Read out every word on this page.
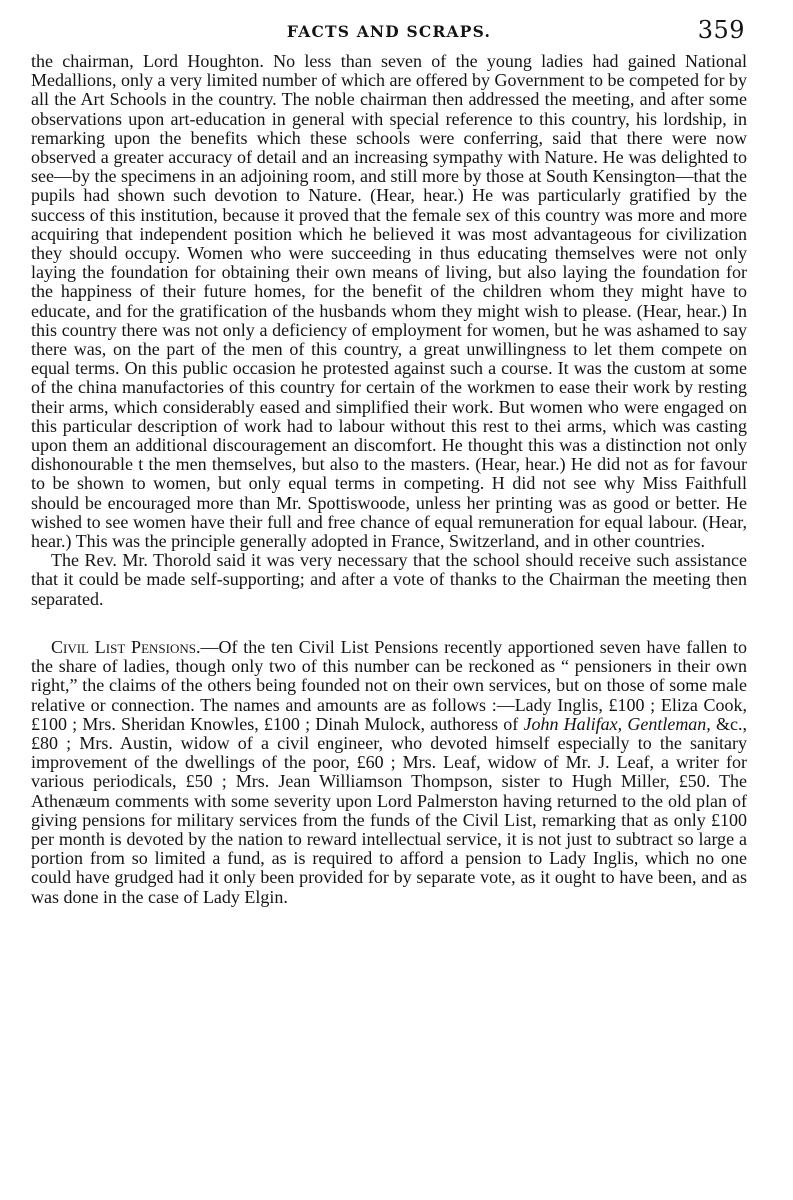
FACTS AND SCRAPS.	359

the chairman, Lord Houghton. No less than seven of the young ladies had gained National Medallions, only a very limited number of which are offered by Government to be competed for by all the Art Schools in the country. The noble chairman then addressed the meeting, and after some observations upon art-education in general with special reference to this country, his lordship, in remarking upon the benefits which these schools were conferring, said that there were now observed a greater accuracy of detail and an increasing sympathy with Nature. He was delighted to see—by the specimens in an adjoining room, and still more by those at South Kensington—that the pupils had shown such devotion to Nature. (Hear, hear.) He was particularly gratified by the success of this institution, because it proved that the female sex of this country was more and more acquiring that independent position which he believed it was most advantageous for civilization they should occupy. Women who were succeeding in thus educating themselves were not only laying the foundation for obtaining their own means of living, but also laying the foundation for the happiness of their future homes, for the benefit of the children whom they might have to educate, and for the gratification of the husbands whom they might wish to please. (Hear, hear.) In this country there was not only a deficiency of employment for women, but he was ashamed to say there was, on the part of the men of this country, a great unwillingness to let them compete on equal terms. On this public occasion he protested against such a course. It was the custom at some of the china manufactories of this country for certain of the workmen to ease their work by resting their arms, which considerably eased and simplified their work. But women who were engaged on this particular description of work had to labour without this rest to thei arms, which was casting upon them an additional discouragement an discomfort. He thought this was a distinction not only dishonourable t the men themselves, but also to the masters. (Hear, hear.) He did not as for favour to be shown to women, but only equal terms in competing. H did not see why Miss Faithfull should be encouraged more than Mr. Spottiswoode, unless her printing was as good or better. He wished to see women have their full and free chance of equal remuneration for equal labour. (Hear, hear.) This was the principle generally adopted in France, Switzerland, and in other countries.

The Rev. Mr. Thorold said it was very necessary that the school should receive such assistance that it could be made self-supporting; and after a vote of thanks to the Chairman the meeting then separated.

Civil List Pensions.—Of the ten Civil List Pensions recently apportioned seven have fallen to the share of ladies, though only two of this number can be reckoned as “ pensioners in their own right,” the claims of the others being founded not on their own services, but on those of some male relative or connection. The names and amounts are as follows :—Lady Inglis, £100 ; Eliza Cook, £100 ; Mrs. Sheridan Knowles, £100 ; Dinah Mulock, authoress of John Halifax, Gentleman, &c., £80 ; Mrs. Austin, widow of a civil engineer, who devoted himself especially to the sanitary improvement of the dwellings of the poor, £60 ; Mrs. Leaf, widow of Mr. J. Leaf, a writer for various periodicals, £50 ; Mrs. Jean Williamson Thompson, sister to Hugh Miller, £50. The Athenæum comments with some severity upon Lord Palmerston having returned to the old plan of giving pensions for military services from the funds of the Civil List, remarking that as only £100 per month is devoted by the nation to reward intellectual service, it is not just to subtract so large a portion from so limited a fund, as is required to afford a pension to Lady Inglis, which no one could have grudged had it only been provided for by separate vote, as it ought to have been, and as was done in the case of Lady Elgin.
